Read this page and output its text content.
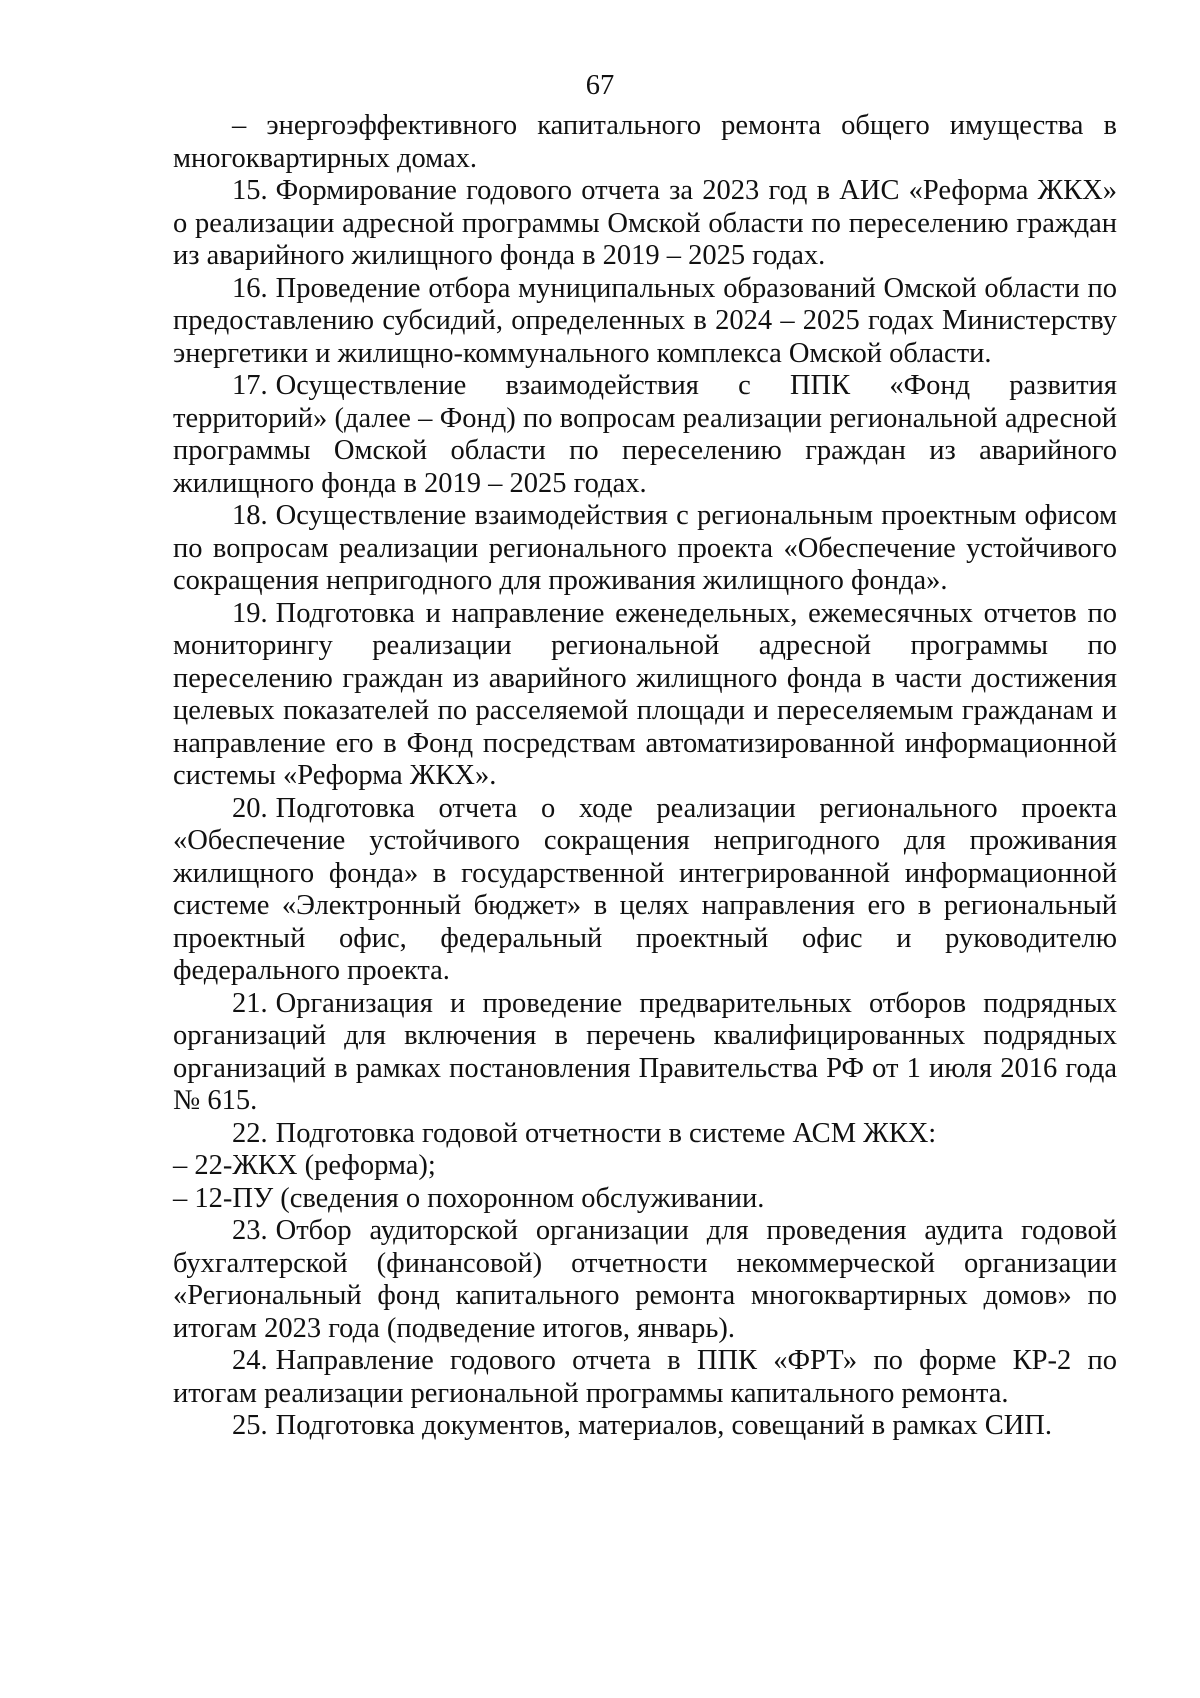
67

– энергоэффективного капитального ремонта общего имущества в многоквартирных домах.

15. Формирование годового отчета за 2023 год в АИС «Реформа ЖКХ» о реализации адресной программы Омской области по переселению граждан из аварийного жилищного фонда в 2019 – 2025 годах.

16. Проведение отбора муниципальных образований Омской области по предоставлению субсидий, определенных в 2024 – 2025 годах Министерству энергетики и жилищно-коммунального комплекса Омской области.

17. Осуществление взаимодействия с ППК «Фонд развития территорий» (далее – Фонд) по вопросам реализации региональной адресной программы Омской области по переселению граждан из аварийного жилищного фонда в 2019 – 2025 годах.

18. Осуществление взаимодействия с региональным проектным офисом по вопросам реализации регионального проекта «Обеспечение устойчивого сокращения непригодного для проживания жилищного фонда».

19. Подготовка и направление еженедельных, ежемесячных отчетов по мониторингу реализации региональной адресной программы по переселению граждан из аварийного жилищного фонда в части достижения целевых показателей по расселяемой площади и переселяемым гражданам и направление его в Фонд посредствам автоматизированной информационной системы «Реформа ЖКХ».

20. Подготовка отчета о ходе реализации регионального проекта «Обеспечение устойчивого сокращения непригодного для проживания жилищного фонда» в государственной интегрированной информационной системе «Электронный бюджет» в целях направления его в региональный проектный офис, федеральный проектный офис и руководителю федерального проекта.

21. Организация и проведение предварительных отборов подрядных организаций для включения в перечень квалифицированных подрядных организаций в рамках постановления Правительства РФ от 1 июля 2016 года № 615.

22. Подготовка годовой отчетности в системе АСМ ЖКХ:

– 22-ЖКХ (реформа);

– 12-ПУ (сведения о похоронном обслуживании.

23. Отбор аудиторской организации для проведения аудита годовой бухгалтерской (финансовой) отчетности некоммерческой организации «Региональный фонд капитального ремонта многоквартирных домов» по итогам 2023 года (подведение итогов, январь).

24. Направление годового отчета в ППК «ФРТ» по форме КР-2 по итогам реализации региональной программы капитального ремонта.

25. Подготовка документов, материалов, совещаний в рамках СИП.
